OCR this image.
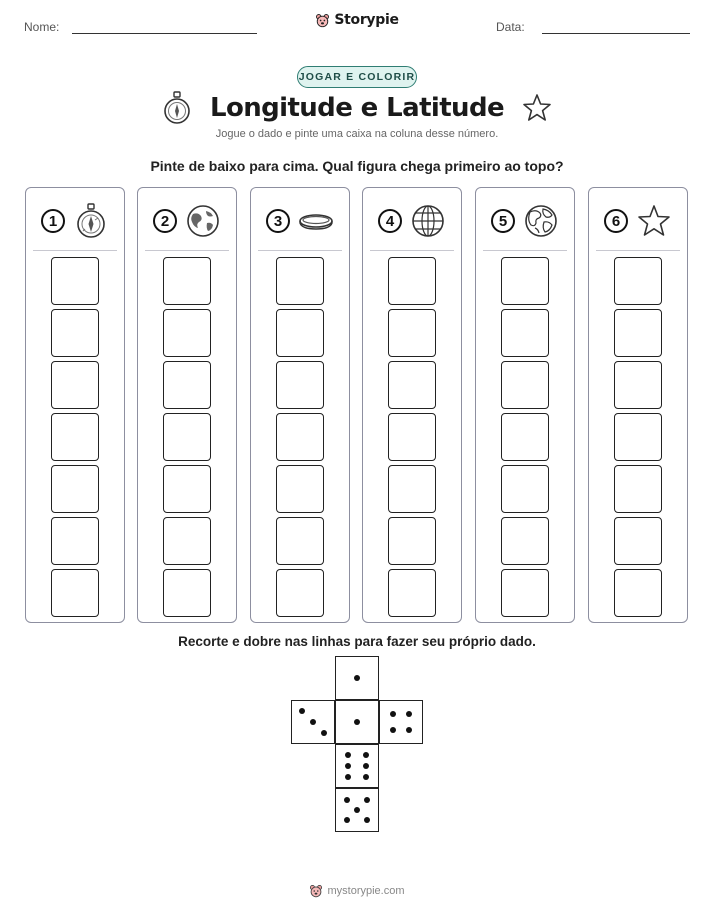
Nome:	Data:
Storypie
JOGAR E COLORIR
Longitude e Latitude
Jogue o dado e pinte uma caixa na coluna desse número.
Pinte de baixo para cima. Qual figura chega primeiro ao topo?
1	2	3	4	5	6
Recorte e dobre nas linhas para fazer seu próprio dado.
mystorypie.com
